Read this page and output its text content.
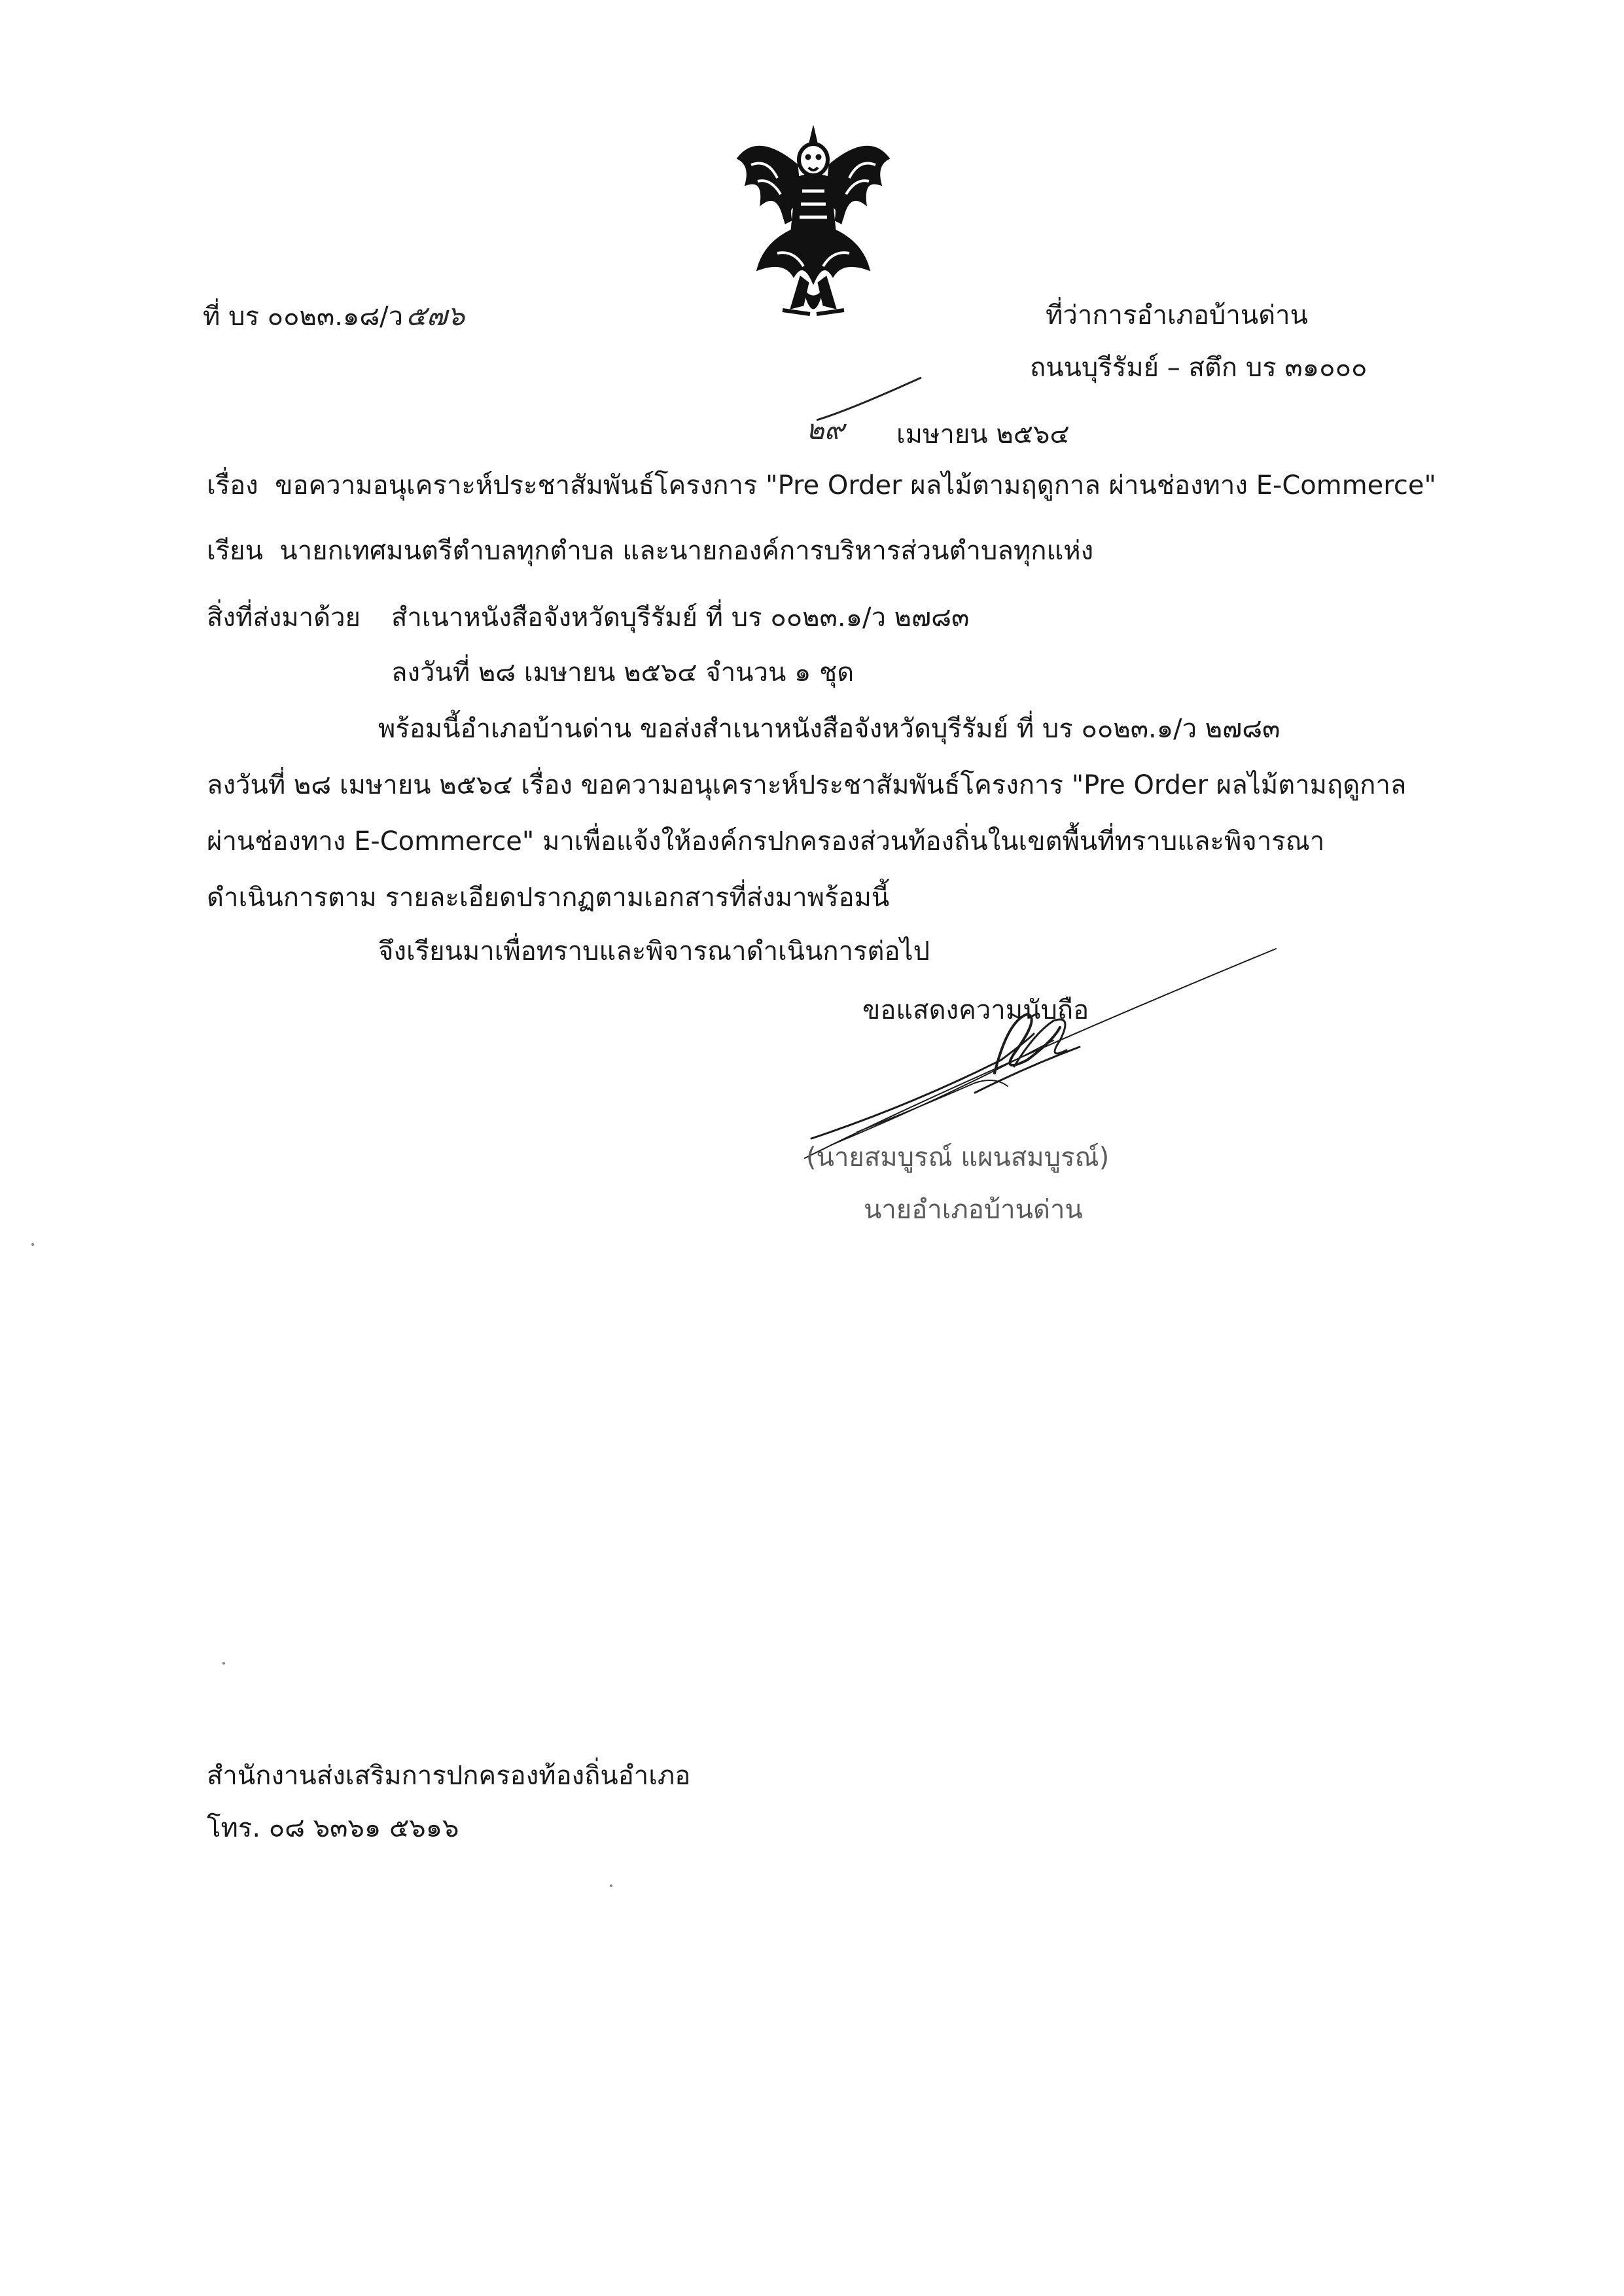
ที่ บร ๐๐๒๓.๑๘/ว๕๗๖	ที่ว่าการอำเภอบ้านด่าน
ถนนบุรีรัมย์ – สตึก บร ๓๑๐๐๐
๒๙ เมษายน ๒๕๖๔
เรื่อง ขอความอนุเคราะห์ประชาสัมพันธ์โครงการ "Pre Order ผลไม้ตามฤดูกาล ผ่านช่องทาง E-Commerce"
เรียน นายกเทศมนตรีตำบลทุกตำบล และนายกองค์การบริหารส่วนตำบลทุกแห่ง
สิ่งที่ส่งมาด้วย สำเนาหนังสือจังหวัดบุรีรัมย์ ที่ บร ๐๐๒๓.๑/ว ๒๗๘๓
ลงวันที่ ๒๘ เมษายน ๒๕๖๔ จำนวน ๑ ชุด
พร้อมนี้อำเภอบ้านด่าน ขอส่งสำเนาหนังสือจังหวัดบุรีรัมย์ ที่ บร ๐๐๒๓.๑/ว ๒๗๘๓
ลงวันที่ ๒๘ เมษายน ๒๕๖๔ เรื่อง ขอความอนุเคราะห์ประชาสัมพันธ์โครงการ "Pre Order ผลไม้ตามฤดูกาล
ผ่านช่องทาง E-Commerce" มาเพื่อแจ้งให้องค์กรปกครองส่วนท้องถิ่นในเขตพื้นที่ทราบและพิจารณา
ดำเนินการตาม รายละเอียดปรากฏตามเอกสารที่ส่งมาพร้อมนี้
จึงเรียนมาเพื่อทราบและพิจารณาดำเนินการต่อไป
ขอแสดงความนับถือ
(นายสมบูรณ์ แผนสมบูรณ์)
นายอำเภอบ้านด่าน
สำนักงานส่งเสริมการปกครองท้องถิ่นอำเภอ
โทร. ๐๘ ๖๓๖๑ ๕๖๑๖
